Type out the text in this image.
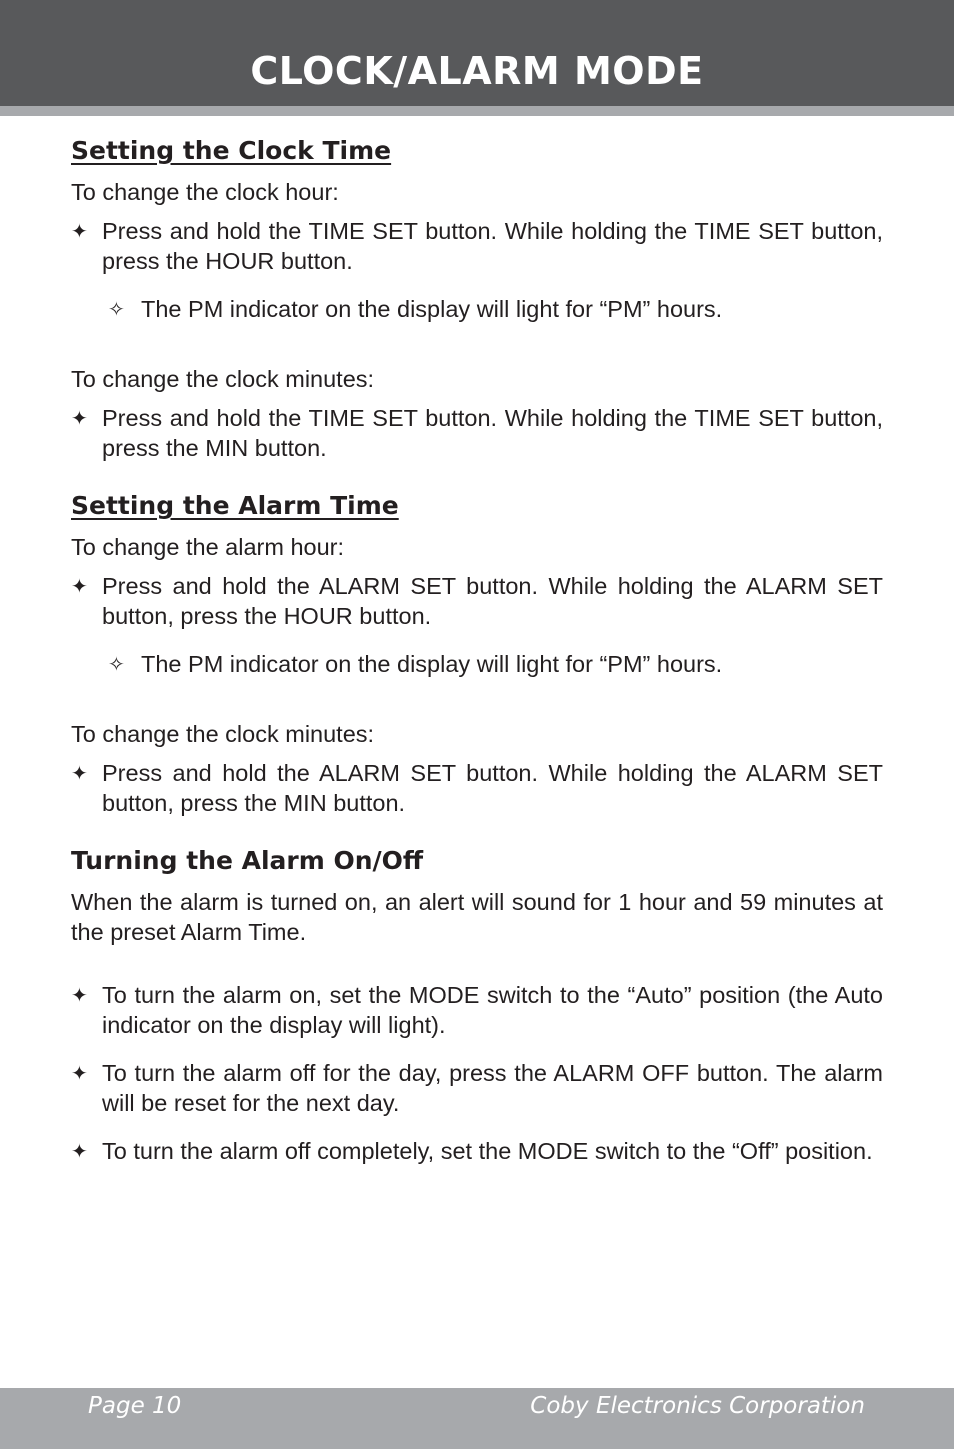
CLOCK/ALARM MODE
Setting the Clock Time
To change the clock hour:
✦ Press and hold the TIME SET button. While holding the TIME SET button, press the HOUR button.
✧ The PM indicator on the display will light for “PM” hours.
To change the clock minutes:
✦ Press and hold the TIME SET button. While holding the TIME SET button, press the MIN button.
Setting the Alarm Time
To change the alarm hour:
✦ Press and hold the ALARM SET button. While holding the ALARM SET button, press the HOUR button.
✧ The PM indicator on the display will light for “PM” hours.
To change the clock minutes:
✦ Press and hold the ALARM SET button. While holding the ALARM SET button, press the MIN button.
Turning the Alarm On/Off
When the alarm is turned on, an alert will sound for 1 hour and 59 minutes at the preset Alarm Time.
✦ To turn the alarm on, set the MODE switch to the “Auto” position (the Auto indicator on the display will light).
✦ To turn the alarm off for the day, press the ALARM OFF button. The alarm will be reset for the next day.
✦ To turn the alarm off completely, set the MODE switch to the “Off” position.
Page 10	Coby Electronics Corporation
